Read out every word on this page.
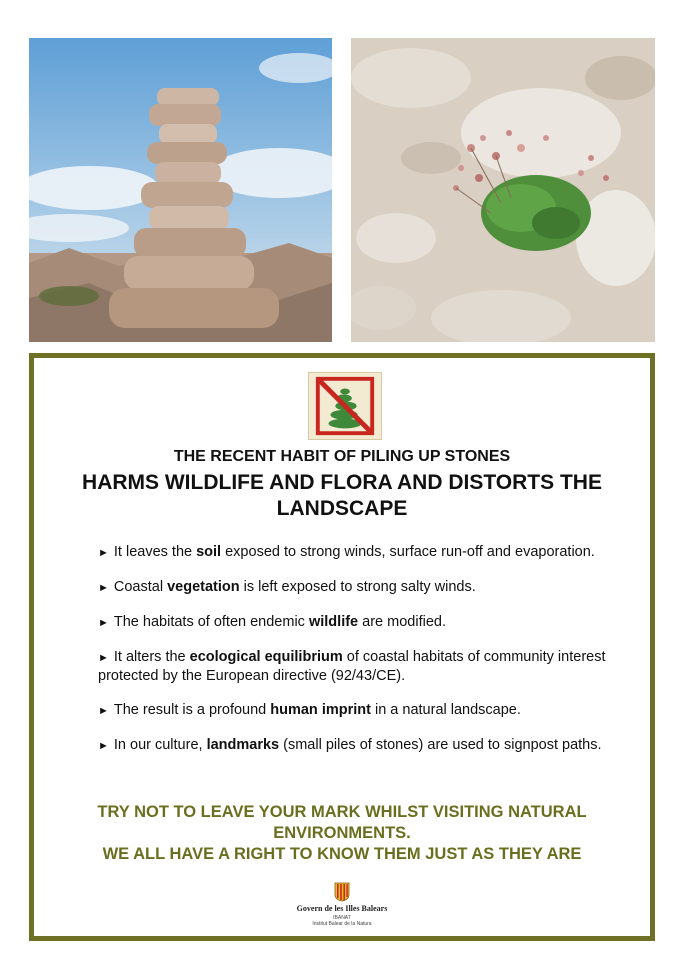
THE RECENT HABIT OF PILING UP STONES

HARMS WILDLIFE AND FLORA AND DISTORTS THE LANDSCAPE
► It leaves the soil exposed to strong winds, surface run-off and evaporation.
► Coastal vegetation is left exposed to strong salty winds.
► The habitats of often endemic wildlife are modified.
► It alters the ecological equilibrium of coastal habitats of community interest protected by the European directive (92/43/CE).
► The result is a profound human imprint in a natural landscape.
► In our culture, landmarks (small piles of stones) are used to signpost paths.
TRY NOT TO LEAVE YOUR MARK WHILST VISITING NATURAL ENVIRONMENTS.
WE ALL HAVE A RIGHT TO KNOW THEM JUST AS THEY ARE
Govern de les Illes Balears
IBANAT
Institut Balear de la Natura
